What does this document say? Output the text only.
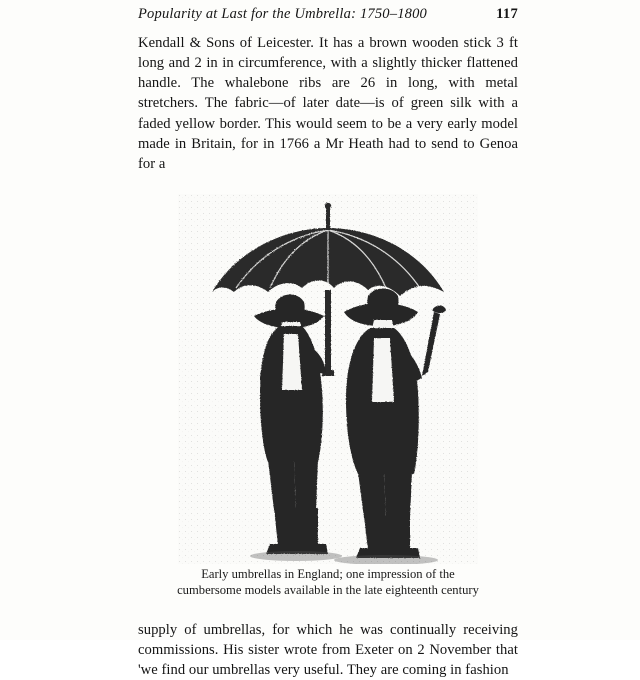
Popularity at Last for the Umbrella: 1750–1800	117

Kendall & Sons of Leicester. It has a brown wooden stick 3 ft long and 2 in in circumference, with a slightly thicker flattened handle. The whalebone ribs are 26 in long, with metal stretchers. The fabric—of later date—is of green silk with a faded yellow border. This would seem to be a very early model made in Britain, for in 1766 a Mr Heath had to send to Genoa for a

Early umbrellas in England; one impression of the
cumbersome models available in the late eighteenth century

supply of umbrellas, for which he was continually receiving commissions. His sister wrote from Exeter on 2 November that 'we find our umbrellas very useful. They are coming in fashion
